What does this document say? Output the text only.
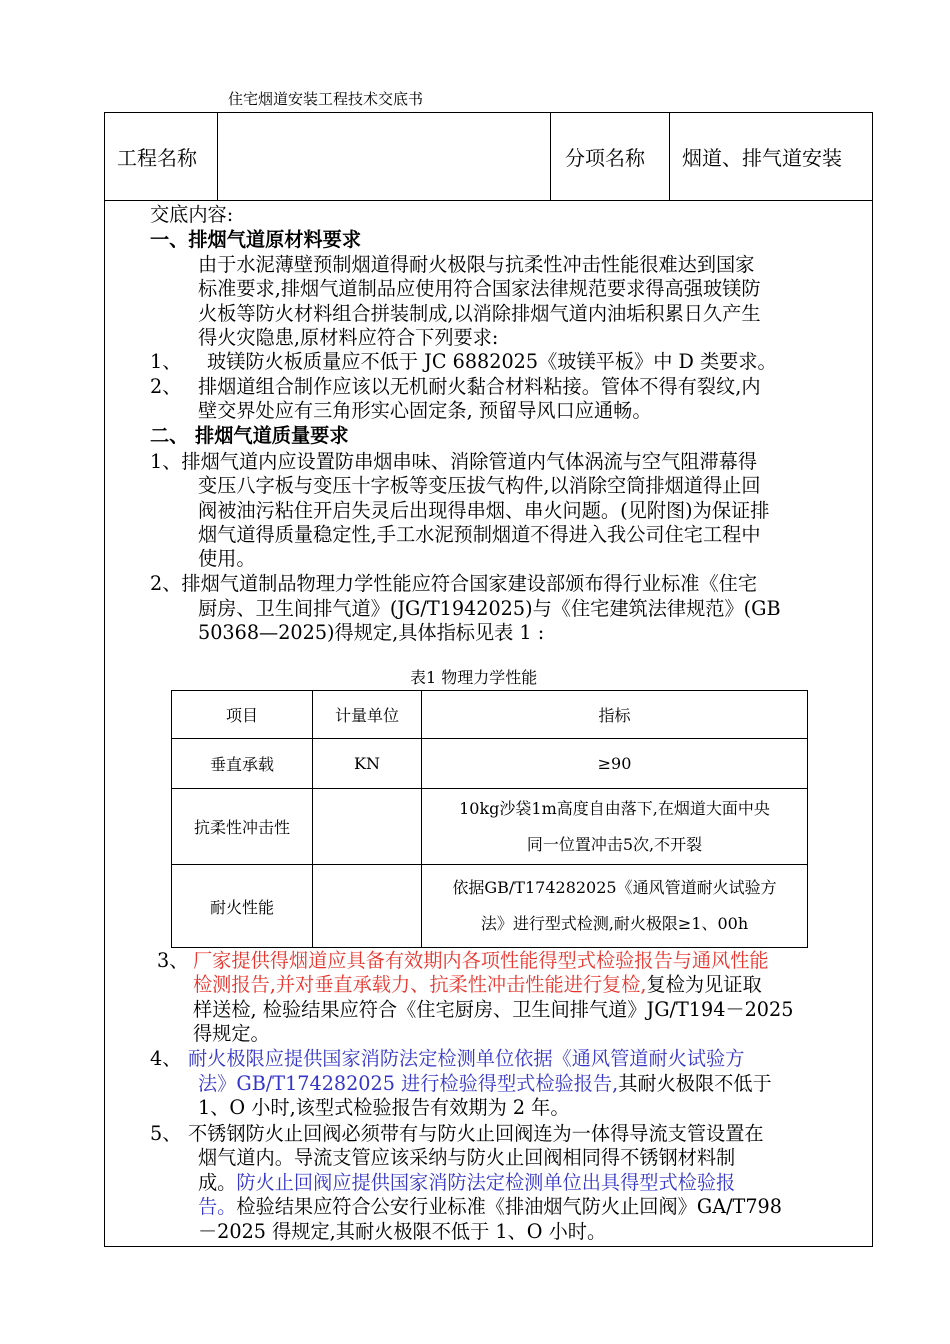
住宅烟道安装工程技术交底书
工程名称	分项名称	烟道、排气道安装
交底内容:
一、排烟气道原材料要求
由于水泥薄壁预制烟道得耐火极限与抗柔性冲击性能很难达到国家
标准要求,排烟气道制品应使用符合国家法律规范要求得高强玻镁防
火板等防火材料组合拼装制成,以消除排烟气道内油垢积累日久产生
得火灾隐患,原材料应符合下列要求:
1、 玻镁防火板质量应不低于 JC 6882025《玻镁平板》中 D 类要求。
2、 排烟道组合制作应该以无机耐火黏合材料粘接。管体不得有裂纹,内
壁交界处应有三角形实心固定条, 预留导风口应通畅。
二、 排烟气道质量要求
1、排烟气道内应设置防串烟串味、消除管道内气体涡流与空气阻滞幕得
变压八字板与变压十字板等变压拔气构件,以消除空筒排烟道得止回
阀被油污粘住开启失灵后出现得串烟、串火问题。(见附图)为保证排
烟气道得质量稳定性,手工水泥预制烟道不得进入我公司住宅工程中
使用。
2、排烟气道制品物理力学性能应符合国家建设部颁布得行业标准《住宅
厨房、卫生间排气道》(JG/T1942025)与《住宅建筑法律规范》(GB
50368—2025)得规定,具体指标见表 1 :
表1 物理力学性能
项目	计量单位	指标
垂直承载	KN	≥90
抗柔性冲击性		10kg沙袋1m高度自由落下,在烟道大面中央
同一位置冲击5次,不开裂

耐火性能		依据GB/T174282025《通风管道耐火试验方
法》进行型式检测,耐火极限≥1、00h
3、 厂家提供得烟道应具备有效期内各项性能得型式检验报告与通风性能
检测报告,并对垂直承载力、抗柔性冲击性能进行复检,复检为见证取
样送检, 检验结果应符合《住宅厨房、卫生间排气道》JG/T194－2025
得规定。
4、 耐火极限应提供国家消防法定检测单位依据《通风管道耐火试验方
法》GB/T174282025 进行检验得型式检验报告,其耐火极限不低于
1、O 小时,该型式检验报告有效期为 2 年。
5、 不锈钢防火止回阀必须带有与防火止回阀连为一体得导流支管设置在
烟气道内。导流支管应该采纳与防火止回阀相同得不锈钢材料制
成。防火止回阀应提供国家消防法定检测单位出具得型式检验报
告。检验结果应符合公安行业标准《排油烟气防火止回阀》GA/T798
－2025 得规定,其耐火极限不低于 1、O 小时。
